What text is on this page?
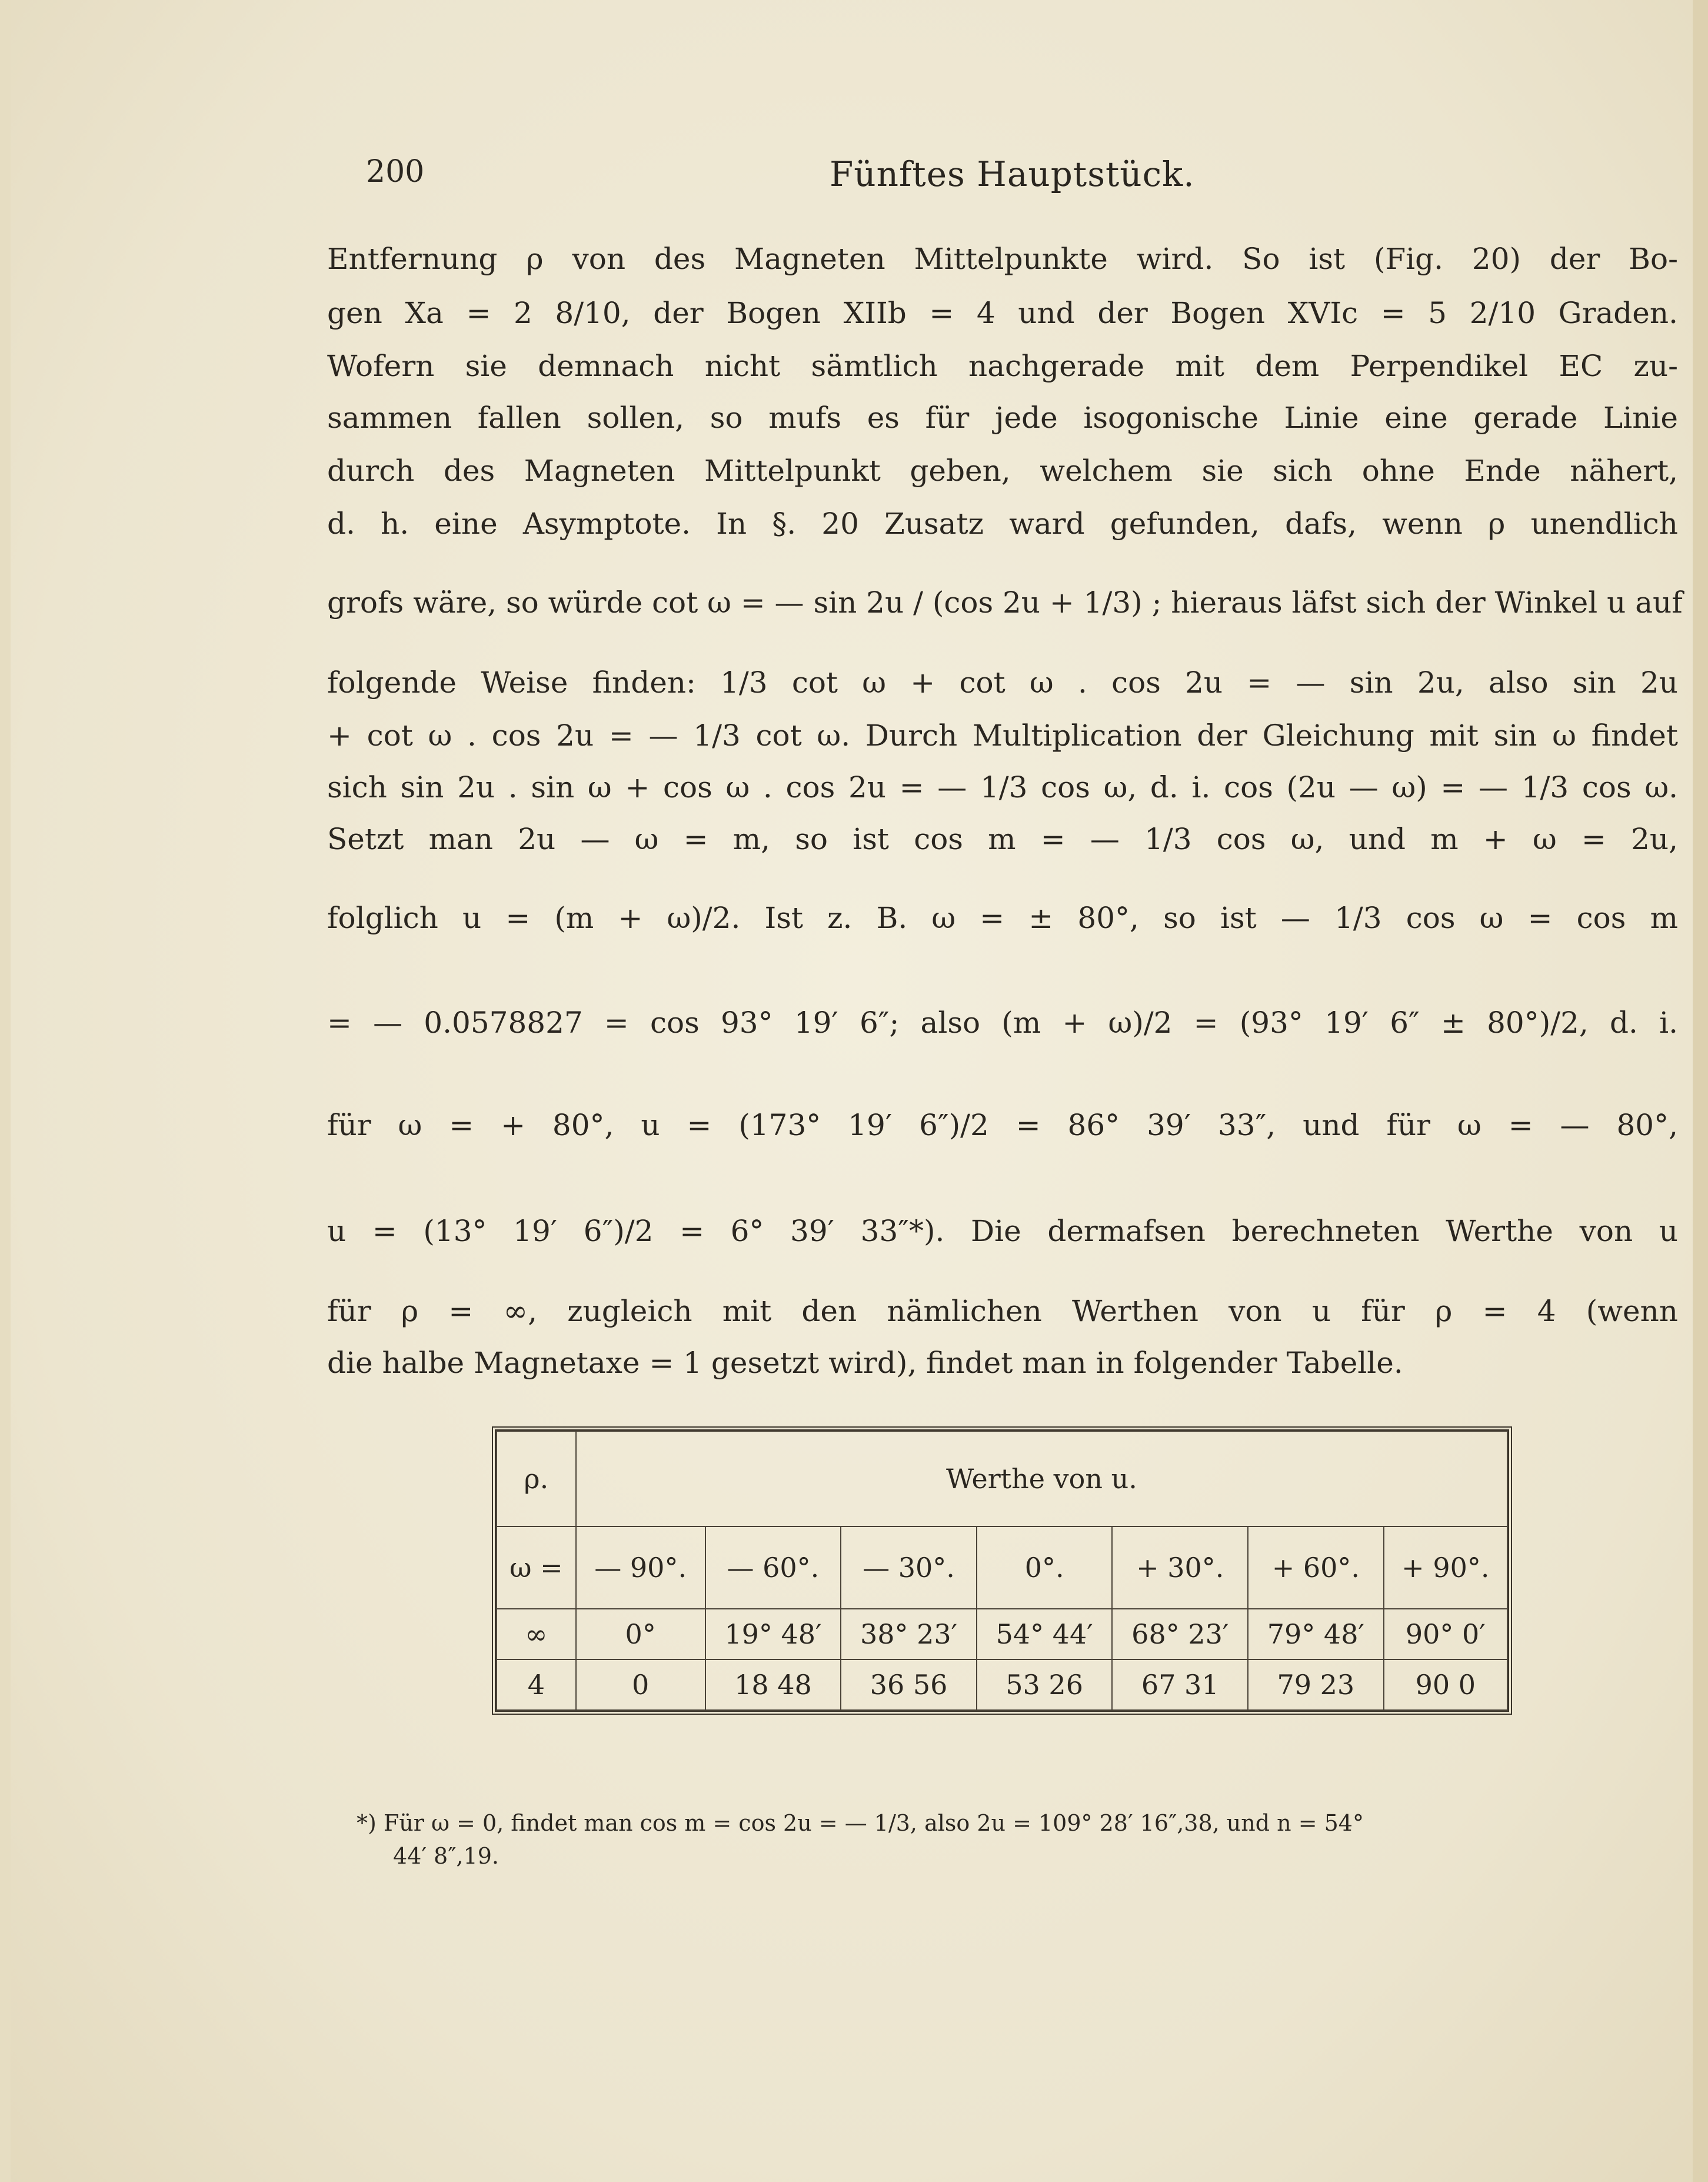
200	Fünftes Hauptstück.
Entfernung ρ von des Magneten Mittelpunkte wird. So ist (Fig. 20) der Bo-
gen Xa = 2 8/10, der Bogen XIIb = 4 und der Bogen XVIc = 5 2/10 Graden.
Wofern sie demnach nicht sämtlich nachgerade mit dem Perpendikel EC zu-
sammen fallen sollen, so mufs es für jede isogonische Linie eine gerade Linie
durch des Magneten Mittelpunkt geben, welchem sie sich ohne Ende nähert,
d. h. eine Asymptote. In §. 20 Zusatz ward gefunden, dafs, wenn ρ unendlich
grofs wäre, so würde cot ω = — sin 2u / (cos 2u + 1/3) ; hieraus läfst sich der Winkel u auf
folgende Weise finden: 1/3 cot ω + cot ω . cos 2u = — sin 2u, also sin 2u
+ cot ω . cos 2u = — 1/3 cot ω. Durch Multiplication der Gleichung mit sin ω findet
sich sin 2u . sin ω + cos ω . cos 2u = — 1/3 cos ω, d. i. cos (2u — ω) = — 1/3 cos ω.
Setzt man 2u — ω = m, so ist cos m = — 1/3 cos ω, und m + ω = 2u,
folglich u = (m + ω)/2. Ist z. B. ω = ± 80°, so ist — 1/3 cos ω = cos m
= — 0.0578827 = cos 93° 19′ 6″; also (m + ω)/2 = (93° 19′ 6″ ± 80°)/2, d. i.
für ω = + 80°, u = (173° 19′ 6″)/2 = 86° 39′ 33″, und für ω = — 80°,
u = (13° 19′ 6″)/2 = 6° 39′ 33″*). Die dermafsen berechneten Werthe von u
für ρ = ∞, zugleich mit den nämlichen Werthen von u für ρ = 4 (wenn
die halbe Magnetaxe = 1 gesetzt wird), findet man in folgender Tabelle.
ρ.	Werthe von u.						
ω =	— 90°.	— 60°.	— 30°.	0°.	+ 30°.	+ 60°.	+ 90°.
∞	0°	19° 48′	38° 23′	54° 44′	68° 23′	79° 48′	90° 0′
4	0	18 48	36 56	53 26	67 31	79 23	90 0
*) Für ω = 0, findet man cos m = cos 2u = — 1/3, also 2u = 109° 28′ 16″,38, und n = 54°
44′ 8″,19.
